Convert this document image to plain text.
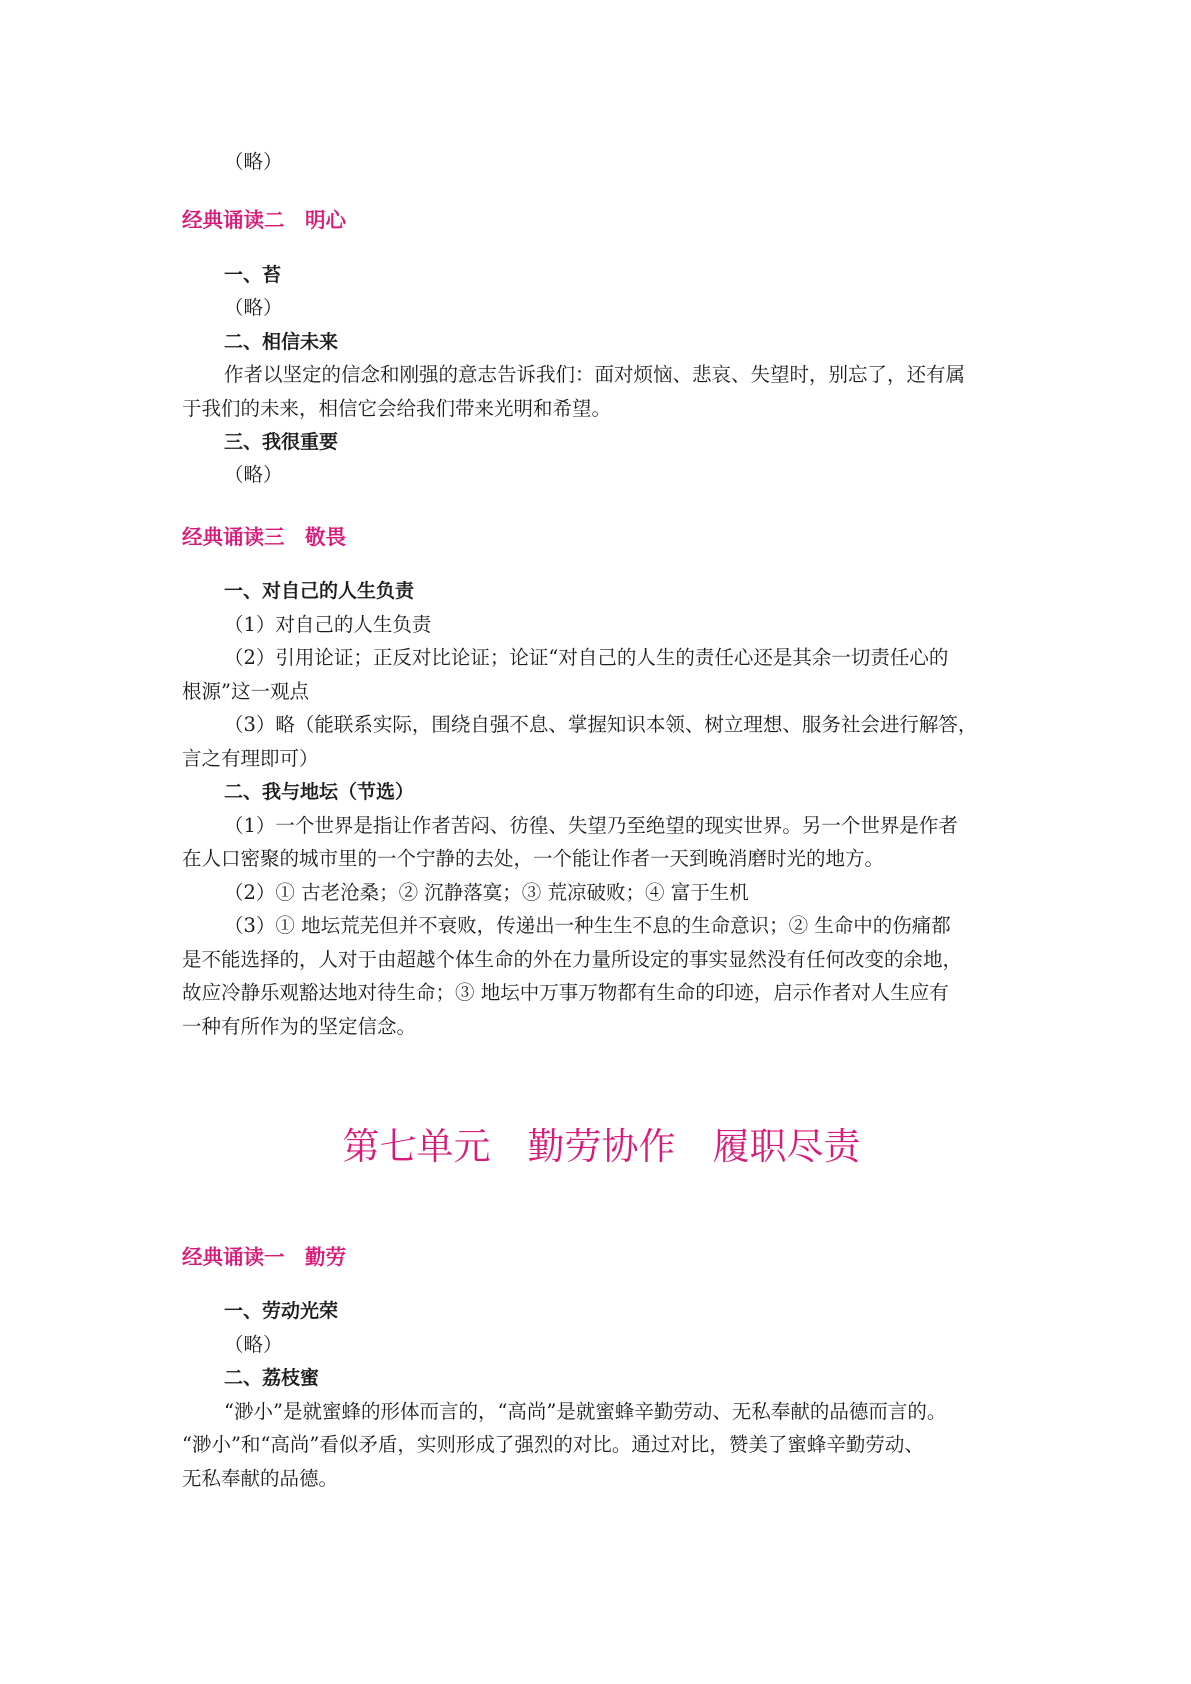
（略）
经典诵读二　明心
一、苔
（略）
二、相信未来
作者以坚定的信念和刚强的意志告诉我们：面对烦恼、悲哀、失望时，别忘了，还有属
于我们的未来，相信它会给我们带来光明和希望。
三、我很重要
（略）
经典诵读三　敬畏
一、对自己的人生负责
（1）对自己的人生负责
（2）引用论证；正反对比论证；论证“对自己的人生的责任心还是其余一切责任心的
根源”这一观点
（3）略（能联系实际，围绕自强不息、掌握知识本领、树立理想、服务社会进行解答，
言之有理即可）
二、我与地坛（节选）
（1）一个世界是指让作者苦闷、彷徨、失望乃至绝望的现实世界。另一个世界是作者
在人口密聚的城市里的一个宁静的去处，一个能让作者一天到晚消磨时光的地方。
（2）① 古老沧桑；② 沉静落寞；③ 荒凉破败；④ 富于生机
（3）① 地坛荒芜但并不衰败，传递出一种生生不息的生命意识；② 生命中的伤痛都
是不能选择的，人对于由超越个体生命的外在力量所设定的事实显然没有任何改变的余地，
故应冷静乐观豁达地对待生命；③ 地坛中万事万物都有生命的印迹，启示作者对人生应有
一种有所作为的坚定信念。
第七单元　勤劳协作　履职尽责
经典诵读一　勤劳
一、劳动光荣
（略）
二、荔枝蜜
“渺小”是就蜜蜂的形体而言的，“高尚”是就蜜蜂辛勤劳动、无私奉献的品德而言的。
“渺小”和“高尚”看似矛盾，实则形成了强烈的对比。通过对比，赞美了蜜蜂辛勤劳动、
无私奉献的品德。
